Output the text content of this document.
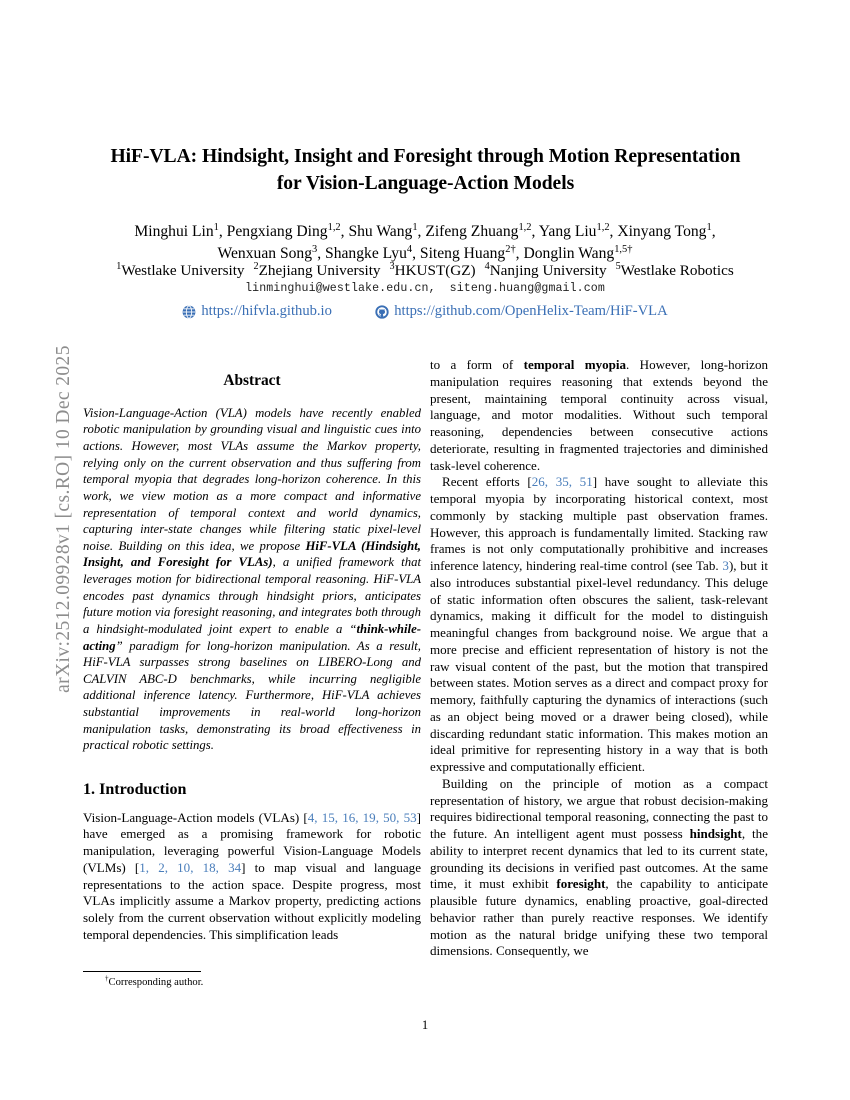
arXiv:2512.09928v1 [cs.RO] 10 Dec 2025
HiF-VLA: Hindsight, Insight and Foresight through Motion Representation
for Vision-Language-Action Models
Minghui Lin$^1$, Pengxiang Ding$^{1,2}$, Shu Wang$^1$, Zifeng Zhuang$^{1,2}$, Yang Liu$^{1,2}$, Xinyang Tong$^1$,
Wenxuan Song$^3$, Shangke Lyu$^4$, Siteng Huang$^{2\dagger}$, Donglin Wang$^{1,5\dagger}$
$^1$Westlake University $^2$Zhejiang University $^3$HKUST(GZ) $^4$Nanjing University $^5$Westlake Robotics
linminghui@westlake.edu.cn, siteng.huang@gmail.com
https://hifvla.github.io
	https://github.com/OpenHelix-Team/HiF-VLA
Abstract

Vision-Language-Action (VLA) models have recently enabled robotic manipulation by grounding visual and linguistic cues into actions. However, most VLAs assume the Markov property, relying only on the current observation and thus suffering from temporal myopia that degrades long-horizon coherence. In this work, we view motion as a more compact and informative representation of temporal context and world dynamics, capturing inter-state changes while filtering static pixel-level noise. Building on this idea, we propose HiF-VLA (Hindsight, Insight, and Foresight for VLAs), a unified framework that leverages motion for bidirectional temporal reasoning. HiF-VLA encodes past dynamics through hindsight priors, anticipates future motion via foresight reasoning, and integrates both through a hindsight-modulated joint expert to enable a “think-while-acting” paradigm for long-horizon manipulation. As a result, HiF-VLA surpasses strong baselines on LIBERO-Long and CALVIN ABC-D benchmarks, while incurring negligible additional inference latency. Furthermore, HiF-VLA achieves substantial improvements in real-world long-horizon manipulation tasks, demonstrating its broad effectiveness in practical robotic settings.

1. Introduction

Vision-Language-Action models (VLAs) [4, 15, 16, 19, 50, 53] have emerged as a promising framework for robotic manipulation, leveraging powerful Vision-Language Models (VLMs) [1, 2, 10, 18, 34] to map visual and language representations to the action space. Despite progress, most VLAs implicitly assume a Markov property, predicting actions solely from the current observation without explicitly modeling temporal dependencies. This simplification leads

to a form of temporal myopia. However, long-horizon manipulation requires reasoning that extends beyond the present, maintaining temporal continuity across visual, language, and motor modalities. Without such temporal reasoning, dependencies between consecutive actions deteriorate, resulting in fragmented trajectories and diminished task-level coherence.

Recent efforts [26, 35, 51] have sought to alleviate this temporal myopia by incorporating historical context, most commonly by stacking multiple past observation frames. However, this approach is fundamentally limited. Stacking raw frames is not only computationally prohibitive and increases inference latency, hindering real-time control (see Tab. 3), but it also introduces substantial pixel-level redundancy. This deluge of static information often obscures the salient, task-relevant dynamics, making it difficult for the model to distinguish meaningful changes from background noise. We argue that a more precise and efficient representation of history is not the raw visual content of the past, but the motion that transpired between states. Motion serves as a direct and compact proxy for memory, faithfully capturing the dynamics of interactions (such as an object being moved or a drawer being closed), while discarding redundant static information. This makes motion an ideal primitive for representing history in a way that is both expressive and computationally efficient.

Building on the principle of motion as a compact representation of history, we argue that robust decision-making requires bidirectional temporal reasoning, connecting the past to the future. An intelligent agent must possess hindsight, the ability to interpret recent dynamics that led to its current state, grounding its decisions in verified past outcomes. At the same time, it must exhibit foresight, the capability to anticipate plausible future dynamics, enabling proactive, goal-directed behavior rather than purely reactive responses. We identify motion as the natural bridge unifying these two temporal dimensions. Consequently, we

†Corresponding author.
1
